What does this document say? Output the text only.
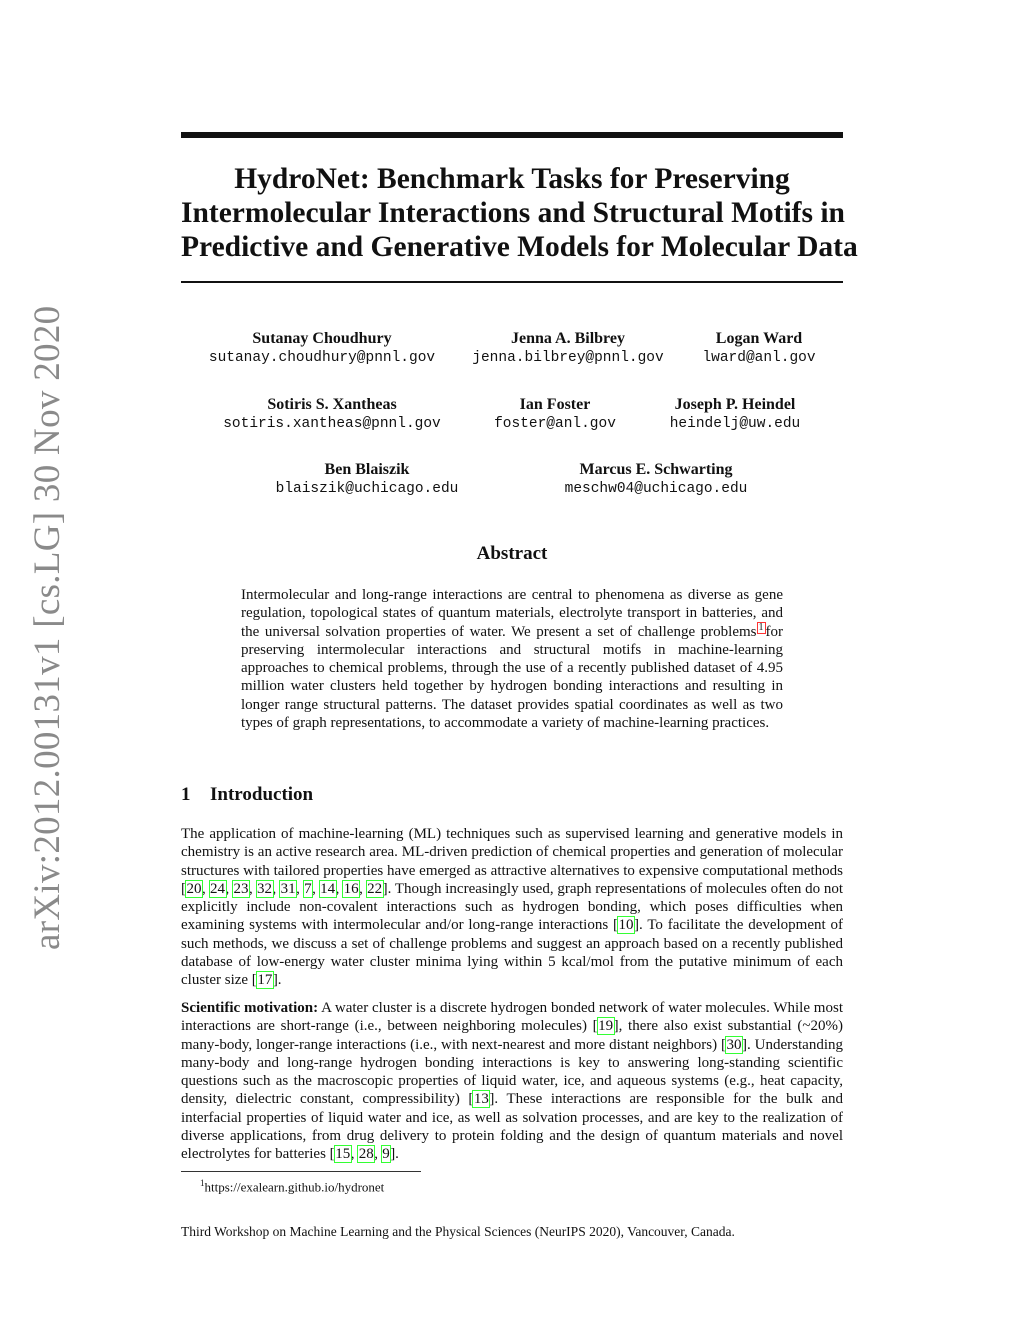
arXiv:2012.00131v1 [cs.LG] 30 Nov 2020
HydroNet: Benchmark Tasks for Preserving
Intermolecular Interactions and Structural Motifs in
Predictive and Generative Models for Molecular Data
Sutanay Choudhury
sutanay.choudhury@pnnl.gov
Jenna A. Bilbrey
jenna.bilbrey@pnnl.gov
Logan Ward
lward@anl.gov
Sotiris S. Xantheas
sotiris.xantheas@pnnl.gov
Ian Foster
foster@anl.gov
Joseph P. Heindel
heindelj@uw.edu
Ben Blaiszik
blaiszik@uchicago.edu
Marcus E. Schwarting
meschw04@uchicago.edu
Abstract
Intermolecular and long-range interactions are central to phenomena as diverse as gene regulation, topological states of quantum materials, electrolyte transport in batteries, and the universal solvation properties of water. We present a set of challenge problems 1 for preserving intermolecular interactions and structural motifs in machine-learning approaches to chemical problems, through the use of a recently published dataset of 4.95 million water clusters held together by hydrogen bonding interactions and resulting in longer range structural patterns. The dataset provides spatial coordinates as well as two types of graph representations, to accommodate a variety of machine-learning practices.
1 Introduction
The application of machine-learning (ML) techniques such as supervised learning and generative models in chemistry is an active research area. ML-driven prediction of chemical properties and generation of molecular structures with tailored properties have emerged as attractive alternatives to expensive computational methods [20, 24, 23, 32, 31, 7, 14, 16, 22]. Though increasingly used, graph representations of molecules often do not explicitly include non-covalent interactions such as hydrogen bonding, which poses difficulties when examining systems with intermolecular and/or long-range interactions [10]. To facilitate the development of such methods, we discuss a set of challenge problems and suggest an approach based on a recently published database of low-energy water cluster minima lying within 5 kcal/mol from the putative minimum of each cluster size [17].
Scientific motivation: A water cluster is a discrete hydrogen bonded network of water molecules. While most interactions are short-range (i.e., between neighboring molecules) [19], there also exist substantial (~20%) many-body, longer-range interactions (i.e., with next-nearest and more distant neighbors) [30]. Understanding many-body and long-range hydrogen bonding interactions is key to answering long-standing scientific questions such as the macroscopic properties of liquid water, ice, and aqueous systems (e.g., heat capacity, density, dielectric constant, compressibility) [13]. These interactions are responsible for the bulk and interfacial properties of liquid water and ice, as well as solvation processes, and are key to the realization of diverse applications, from drug delivery to protein folding and the design of quantum materials and novel electrolytes for batteries [15, 28, 9].
$^1$https://exalearn.github.io/hydronet
Third Workshop on Machine Learning and the Physical Sciences (NeurIPS 2020), Vancouver, Canada.
